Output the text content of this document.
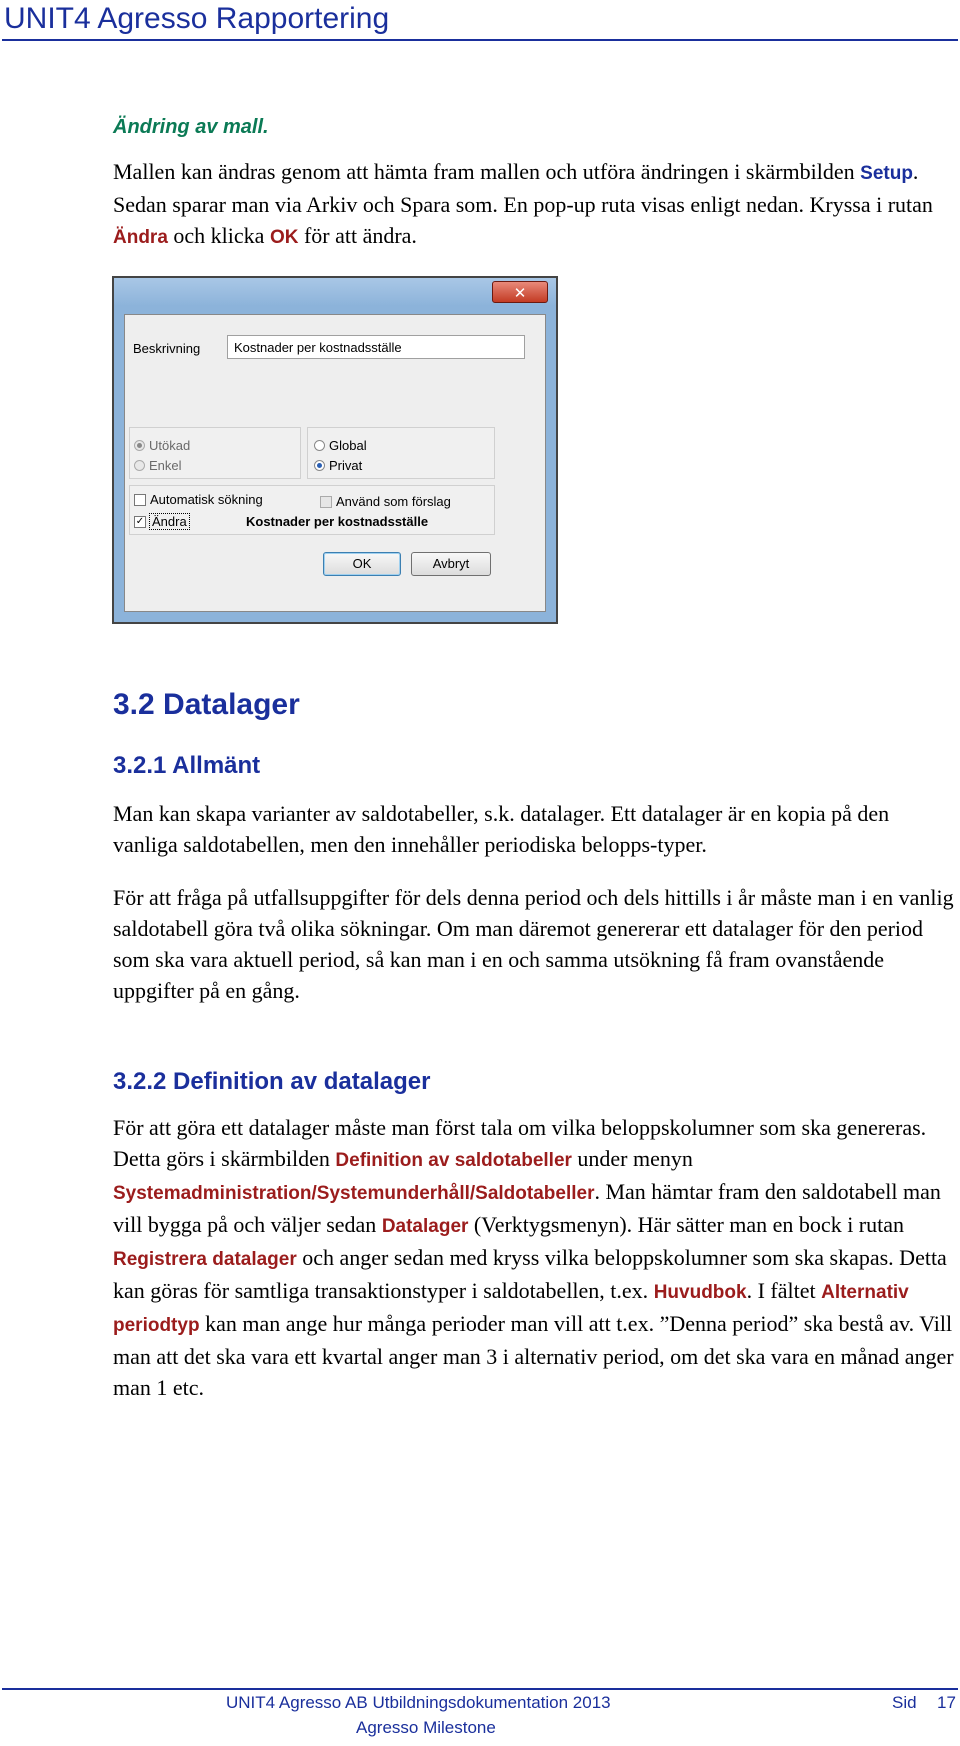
UNIT4 Agresso Rapportering
Ändring av mall.

Mallen kan ändras genom att hämta fram mallen och utföra ändringen i skärmbilden Setup. Sedan sparar man via Arkiv och Spara som. En pop-up ruta visas enligt nedan. Kryssa i rutan Ändra och klicka OK för att ändra.

✕
Beskrivning
Kostnader per kostnadsställe
Utökad
Enkel
Global
Privat
Automatisk sökning	Använd som förslag
✓ Ändra	Kostnader per kostnadsställe
OK	Avbryt
3.2 Datalager
3.2.1 Allmänt

Man kan skapa varianter av saldotabeller, s.k. datalager. Ett datalager är en kopia på den vanliga saldotabellen, men den innehåller periodiska belopps-typer.

För att fråga på utfallsuppgifter för dels denna period och dels hittills i år måste man i en vanlig saldotabell göra två olika sökningar. Om man däremot genererar ett datalager för den period som ska vara aktuell period, så kan man i en och samma utsökning få fram ovanstående uppgifter på en gång.

3.2.2 Definition av datalager

För att göra ett datalager måste man först tala om vilka beloppskolumner som ska genereras. Detta görs i skärmbilden Definition av saldotabeller under menyn Systemadministration/Systemunderhåll/Saldotabeller. Man hämtar fram den saldotabell man vill bygga på och väljer sedan Datalager (Verktygsmenyn). Här sätter man en bock i rutan Registrera datalager och anger sedan med kryss vilka beloppskolumner som ska skapas. Detta kan göras för samtliga transaktionstyper i saldotabellen, t.ex. Huvudbok. I fältet Alternativ periodtyp kan man ange hur många perioder man vill att t.ex. ”Denna period” ska bestå av. Vill man att det ska vara ett kvartal anger man 3 i alternativ period, om det ska vara en månad anger man 1 etc.

UNIT4 Agresso AB Utbildningsdokumentation 2013
Agresso Milestone
Sid 17
